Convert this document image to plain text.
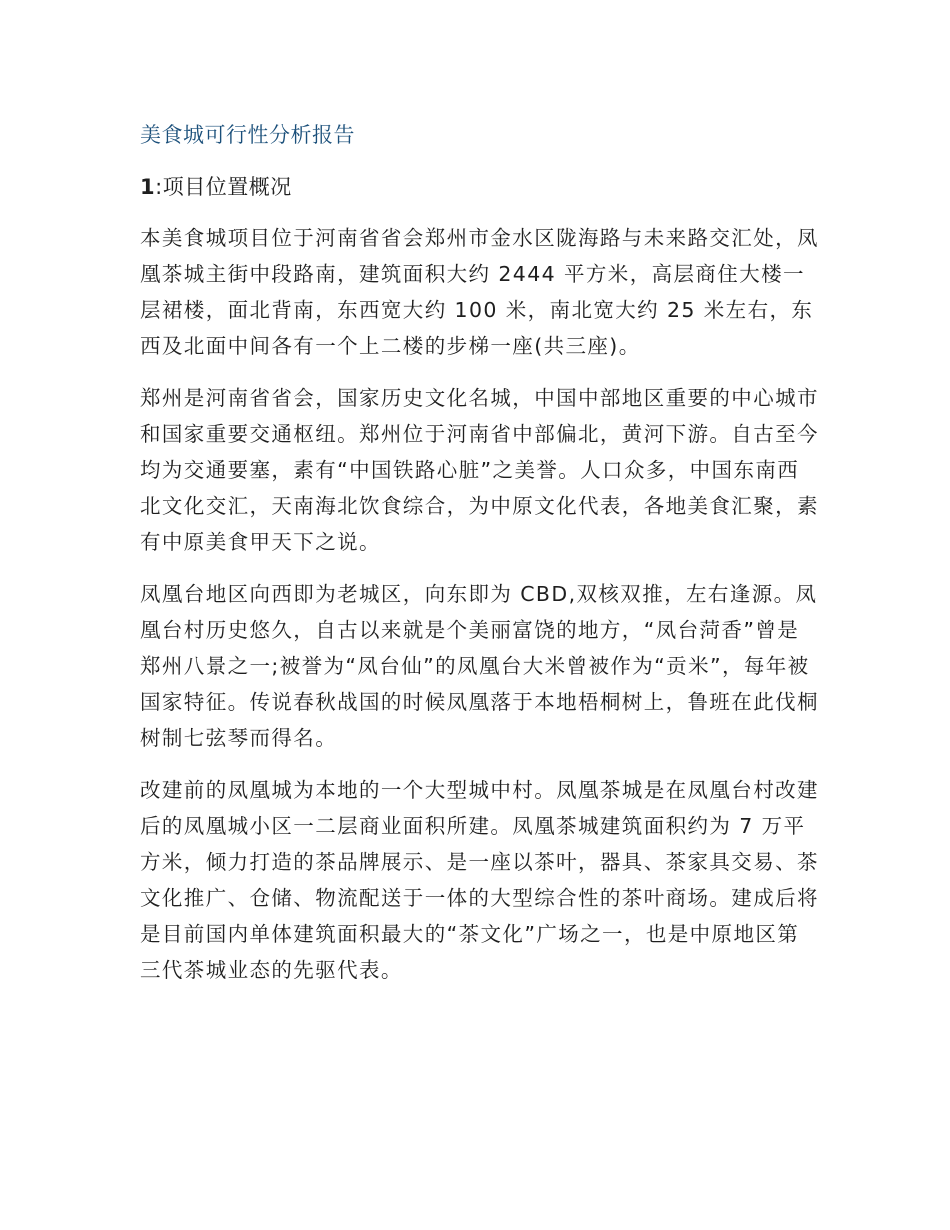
美食城可行性分析报告
1:项目位置概况

本美食城项目位于河南省省会郑州市金水区陇海路与未来路交汇处，凤凰茶城主街中段路南，建筑面积大约 2444 平方米，高层商住大楼一层裙楼，面北背南，东西宽大约 100 米，南北宽大约 25 米左右，东西及北面中间各有一个上二楼的步梯一座(共三座)。

郑州是河南省省会，国家历史文化名城，中国中部地区重要的中心城市和国家重要交通枢纽。郑州位于河南省中部偏北，黄河下游。自古至今均为交通要塞，素有“中国铁路心脏”之美誉。人口众多，中国东南西北文化交汇，天南海北饮食综合，为中原文化代表，各地美食汇聚，素有中原美食甲天下之说。

凤凰台地区向西即为老城区，向东即为 CBD,双核双推，左右逢源。凤凰台村历史悠久，自古以来就是个美丽富饶的地方，“凤台菏香”曾是郑州八景之一;被誉为“凤台仙”的凤凰台大米曾被作为“贡米”，每年被国家特征。传说春秋战国的时候凤凰落于本地梧桐树上，鲁班在此伐桐树制七弦琴而得名。

改建前的凤凰城为本地的一个大型城中村。凤凰茶城是在凤凰台村改建后的凤凰城小区一二层商业面积所建。凤凰茶城建筑面积约为 7 万平方米，倾力打造的茶品牌展示、是一座以茶叶，器具、茶家具交易、茶文化推广、仓储、物流配送于一体的大型综合性的茶叶商场。建成后将是目前国内单体建筑面积最大的“茶文化”广场之一，也是中原地区第三代茶城业态的先驱代表。
